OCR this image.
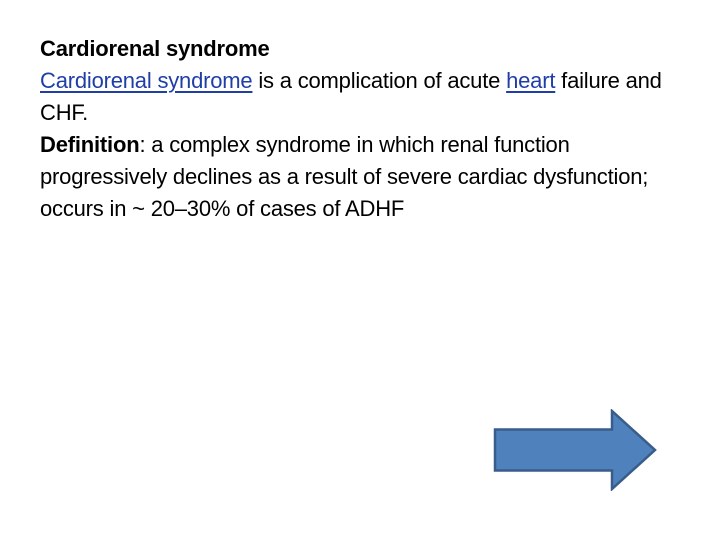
Cardiorenal syndrome

Cardiorenal syndrome is a complication of acute heart failure and CHF.

Definition: a complex syndrome in which renal function progressively declines as a result of severe cardiac dysfunction; occurs in ~ 20–30% of cases of ADHF
